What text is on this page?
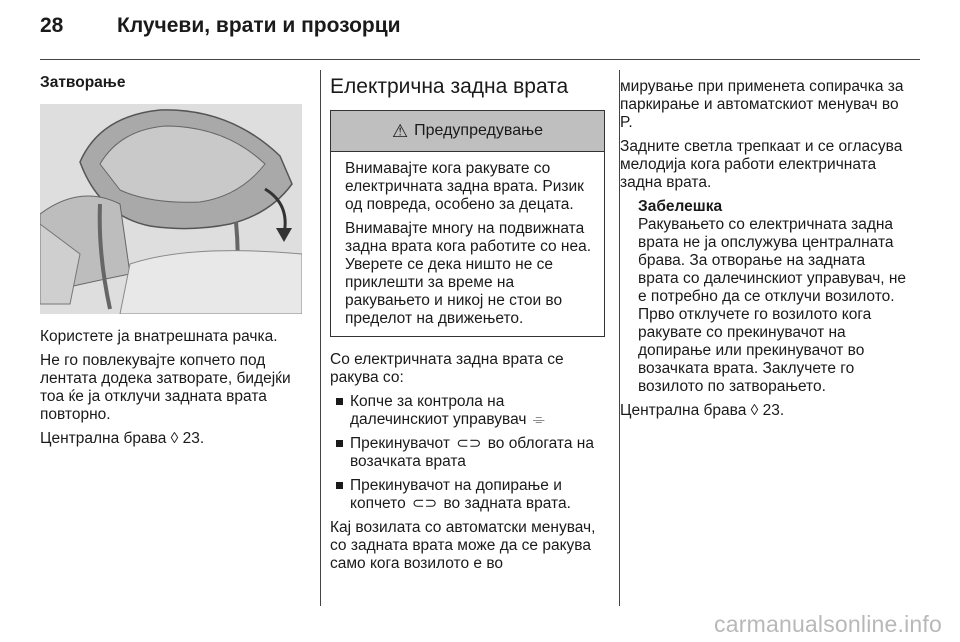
28	Клучеви, врати и прозорци
Затворање

Користете ја внатрешната рачка.

Не го повлекувајте копчето под лентата додека затворате, бидејќи тоа ќе ја отклучи задната врата повторно.

Централна брава ◊ 23.

Електрична задна врата
⚠ Предупредување

Внимавајте кога ракувате со електричната задна врата. Ризик од повреда, особено за децата.

Внимавајте многу на подвижната задна врата кога работите со неа. Уверете се дека ништо не се приклешти за време на ракувањето и никој не стои во пределот на движењето.

Со електричната задна врата се ракува со:

Копче за контрола на далечинскиот управувач ⌯
Прекинувачот ⊂⊃ во облогата на возачката врата
Прекинувачот на допирање и копчето ⊂⊃ во задната врата.

Кај возилата со автоматски менувач, со задната врата може да се ракува само кога возилото е во

мирување при применета сопирачка за паркирање и автоматскиот менувач во P.

Задните светла трепкаат и се огласува мелодија кога работи електричната задна врата.

Забелешка
Ракувањето со електричната задна врата не ја опслужува централната брава. За отворање на задната врата со далечинскиот управувач, не е потребно да се отклучи возилото. Прво отклучете го возилото кога ракувате со прекинувачот на допирање или прекинувачот во возачката врата. Заклучете го возилото по затворањето.

Централна брава ◊ 23.

carmanualsonline.info
